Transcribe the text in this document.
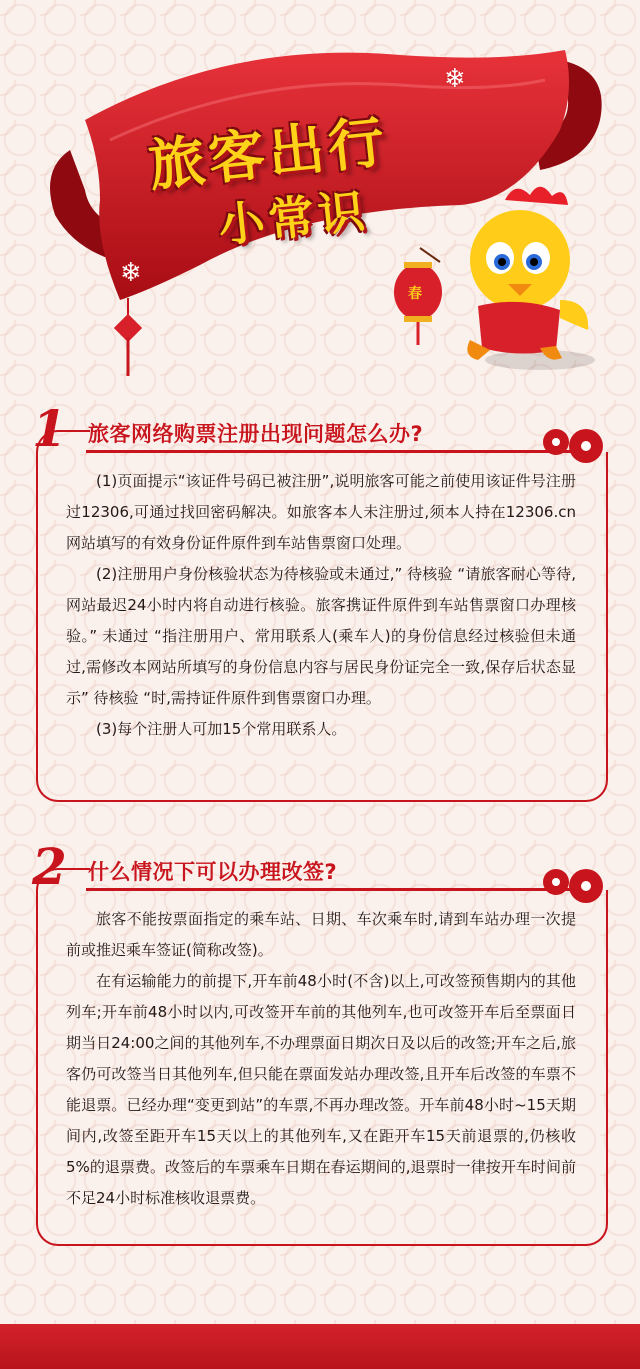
旅客出行
小常识
❄
❄
春
1 旅客网络购票注册出现问题怎么办?

(1)页面提示“该证件号码已被注册”,说明旅客可能之前使用该证件号注册过12306,可通过找回密码解决。如旅客本人未注册过,须本人持在12306.cn网站填写的有效身份证件原件到车站售票窗口处理。

(2)注册用户身份核验状态为待核验或未通过,” 待核验 “请旅客耐心等待,网站最迟24小时内将自动进行核验。旅客携证件原件到车站售票窗口办理核验。” 未通过 “指注册用户、常用联系人(乘车人)的身份信息经过核验但未通过,需修改本网站所填写的身份信息内容与居民身份证完全一致,保存后状态显示” 待核验 “时,需持证件原件到售票窗口办理。

(3)每个注册人可加15个常用联系人。

2 什么情况下可以办理改签?

旅客不能按票面指定的乘车站、日期、车次乘车时,请到车站办理一次提前或推迟乘车签证(简称改签)。

在有运输能力的前提下,开车前48小时(不含)以上,可改签预售期内的其他列车;开车前48小时以内,可改签开车前的其他列车,也可改签开车后至票面日期当日24:00之间的其他列车,不办理票面日期次日及以后的改签;开车之后,旅客仍可改签当日其他列车,但只能在票面发站办理改签,且开车后改签的车票不能退票。已经办理“变更到站”的车票,不再办理改签。开车前48小时~15天期间内,改签至距开车15天以上的其他列车,又在距开车15天前退票的,仍核收5%的退票费。改签后的车票乘车日期在春运期间的,退票时一律按开车时间前不足24小时标准核收退票费。
